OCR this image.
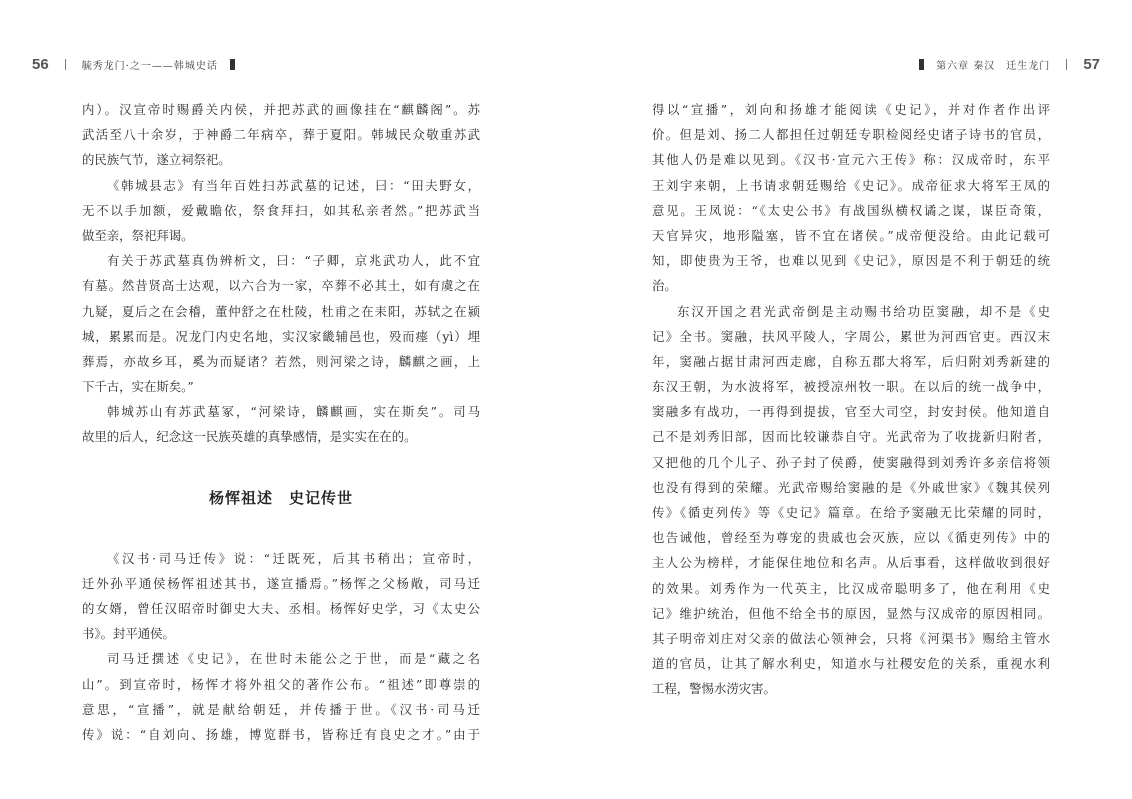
56	毓秀龙门·之一——韩城史话
内）。汉宣帝时赐爵关内侯，并把苏武的画像挂在“麒麟阁”。苏
武活至八十余岁，于神爵二年病卒，葬于夏阳。韩城民众敬重苏武
的民族气节，遂立祠祭祀。
《韩城县志》有当年百姓扫苏武墓的记述，曰：“田夫野女，
无不以手加额，爱戴瞻依，祭食拜扫，如其私亲者然。”把苏武当
做至亲，祭祀拜谒。
有关于苏武墓真伪辨析文，曰：“子卿，京兆武功人，此不宜
有墓。然昔贤高士达观，以六合为一家，卒葬不必其土，如有虞之在
九疑，夏后之在会稽，董仲舒之在杜陵，杜甫之在耒阳，苏轼之在颍
城，累累而是。况龙门内史名地，实汉家畿辅邑也，殁而瘗（yì）埋
葬焉，亦故乡耳，奚为而疑诸？若然，则河梁之诗，麟麒之画，上
下千古，实在斯矣。”
韩城苏山有苏武墓冢，“河梁诗，麟麒画，实在斯矣”。司马
故里的后人，纪念这一民族英雄的真挚感情，是实实在在的。
杨恽祖述　史记传世
《汉书·司马迁传》说：“迁既死，后其书稍出；宣帝时，
迁外孙平通侯杨恽祖述其书，遂宣播焉。”杨恽之父杨敞，司马迁
的女婿，曾任汉昭帝时御史大夫、丞相。杨恽好史学，习《太史公
书》。封平通侯。
司马迁撰述《史记》，在世时未能公之于世，而是“藏之名
山”。到宣帝时，杨恽才将外祖父的著作公布。“祖述”即尊崇的
意思，“宣播”，就是献给朝廷，并传播于世。《汉书·司马迁
传》说：“自刘向、扬雄，博览群书，皆称迁有良史之才。”由于
第六章 秦汉　迁生龙门 57
得以“宣播”，刘向和扬雄才能阅读《史记》，并对作者作出评
价。但是刘、扬二人都担任过朝廷专职检阅经史诸子诗书的官员，
其他人仍是难以见到。《汉书·宣元六王传》称：汉成帝时，东平
王刘宇来朝，上书请求朝廷赐给《史记》。成帝征求大将军王凤的
意见。王凤说：“《太史公书》有战国纵横权谲之谋，谋臣奇策，
天官异灾，地形隘塞，皆不宜在诸侯。”成帝便没给。由此记载可
知，即使贵为王爷，也难以见到《史记》，原因是不利于朝廷的统
治。
东汉开国之君光武帝倒是主动赐书给功臣窦融，却不是《史
记》全书。窦融，扶风平陵人，字周公，累世为河西官吏。西汉末
年，窦融占据甘肃河西走廊，自称五郡大将军，后归附刘秀新建的
东汉王朝，为水波将军，被授凉州牧一职。在以后的统一战争中，
窦融多有战功，一再得到提拔，官至大司空，封安封侯。他知道自
己不是刘秀旧部，因而比较谦恭自守。光武帝为了收拢新归附者，
又把他的几个儿子、孙子封了侯爵，使窦融得到刘秀许多亲信将领
也没有得到的荣耀。光武帝赐给窦融的是《外戚世家》《魏其侯列
传》《循吏列传》等《史记》篇章。在给予窦融无比荣耀的同时，
也告诫他，曾经至为尊宠的贵戚也会灭族，应以《循吏列传》中的
主人公为榜样，才能保住地位和名声。从后事看，这样做收到很好
的效果。刘秀作为一代英主，比汉成帝聪明多了，他在利用《史
记》维护统治，但他不给全书的原因，显然与汉成帝的原因相同。
其子明帝刘庄对父亲的做法心领神会，只将《河渠书》赐给主管水
道的官员，让其了解水利史，知道水与社稷安危的关系，重视水利
工程，警惕水涝灾害。
